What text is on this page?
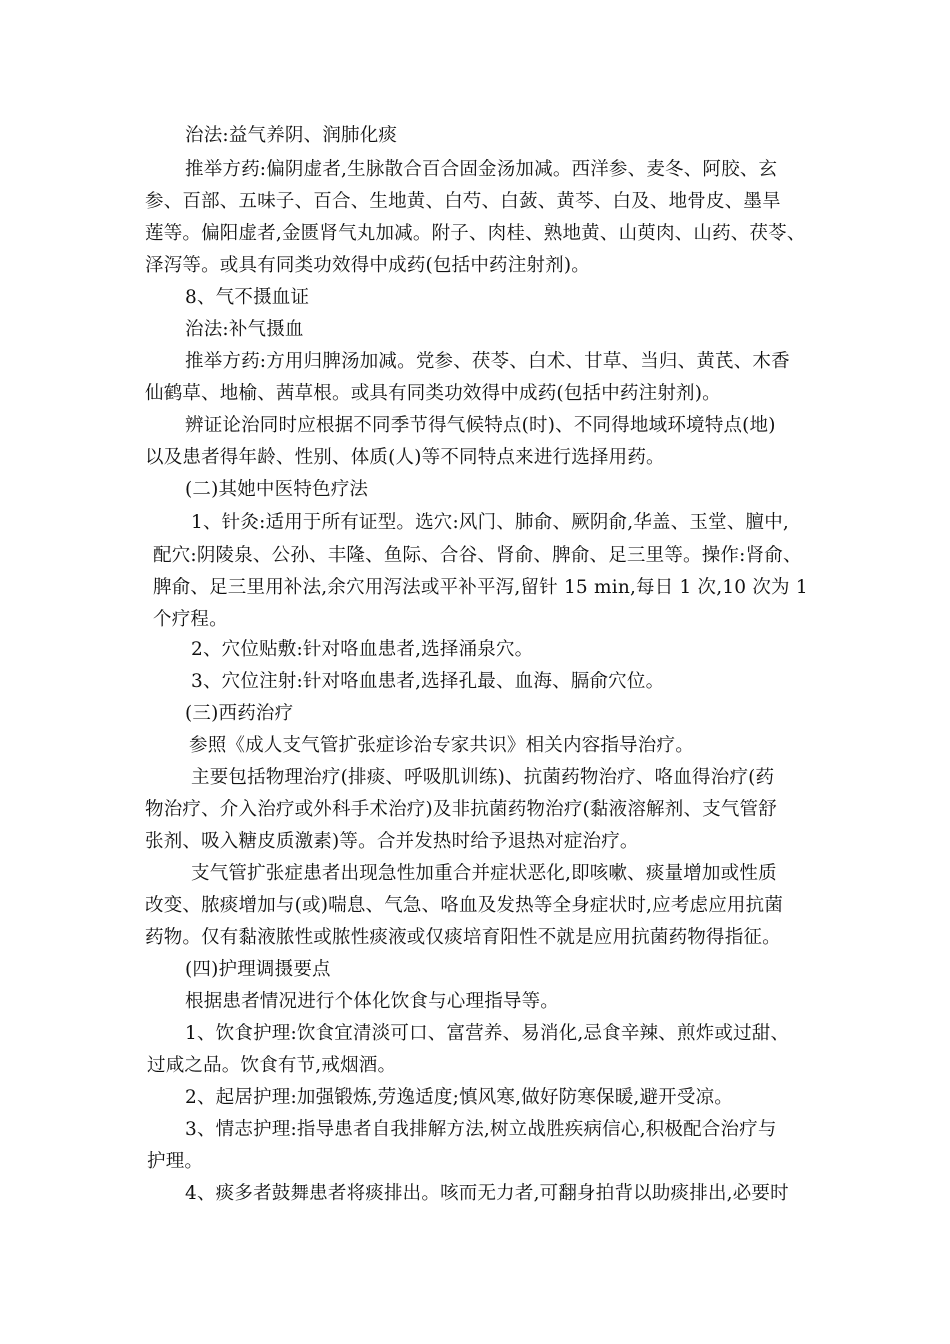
治法:益气养阴、润肺化痰
推举方药:偏阴虚者,生脉散合百合固金汤加减。西洋参、麦冬、阿胶、玄
参、百部、五味子、百合、生地黄、白芍、白蔹、黄芩、白及、地骨皮、墨旱
莲等。偏阳虚者,金匮肾气丸加减。附子、肉桂、熟地黄、山萸肉、山药、茯苓、
泽泻等。或具有同类功效得中成药(包括中药注射剂)。
8、气不摄血证
治法:补气摄血
推举方药:方用归脾汤加减。党参、茯苓、白术、甘草、当归、黄芪、木香
仙鹤草、地榆、茜草根。或具有同类功效得中成药(包括中药注射剂)。
辨证论治同时应根据不同季节得气候特点(时)、不同得地域环境特点(地)
以及患者得年龄、性别、体质(人)等不同特点来进行选择用药。
(二)其她中医特色疗法
1、针灸:适用于所有证型。选穴:风门、肺俞、厥阴俞,华盖、玉堂、膻中,
配穴:阴陵泉、公孙、丰隆、鱼际、合谷、肾俞、脾俞、足三里等。操作:肾俞、
脾俞、足三里用补法,余穴用泻法或平补平泻,留针 15 min,每日 1 次,10 次为 1
个疗程。
2、穴位贴敷:针对咯血患者,选择涌泉穴。
3、穴位注射:针对咯血患者,选择孔最、血海、膈俞穴位。
(三)西药治疗
参照《成人支气管扩张症诊治专家共识》相关内容指导治疗。
主要包括物理治疗(排痰、呼吸肌训练)、抗菌药物治疗、咯血得治疗(药
物治疗、介入治疗或外科手术治疗)及非抗菌药物治疗(黏液溶解剂、支气管舒
张剂、吸入糖皮质激素)等。合并发热时给予退热对症治疗。
支气管扩张症患者出现急性加重合并症状恶化,即咳嗽、痰量增加或性质
改变、脓痰增加与(或)喘息、气急、咯血及发热等全身症状时,应考虑应用抗菌
药物。仅有黏液脓性或脓性痰液或仅痰培育阳性不就是应用抗菌药物得指征。
(四)护理调摄要点
根据患者情况进行个体化饮食与心理指导等。
1、饮食护理:饮食宜清淡可口、富营养、易消化,忌食辛辣、煎炸或过甜、
过咸之品。饮食有节,戒烟酒。
2、起居护理:加强锻炼,劳逸适度;慎风寒,做好防寒保暖,避开受凉。
3、情志护理:指导患者自我排解方法,树立战胜疾病信心,积极配合治疗与
护理。
4、痰多者鼓舞患者将痰排出。咳而无力者,可翻身拍背以助痰排出,必要时
